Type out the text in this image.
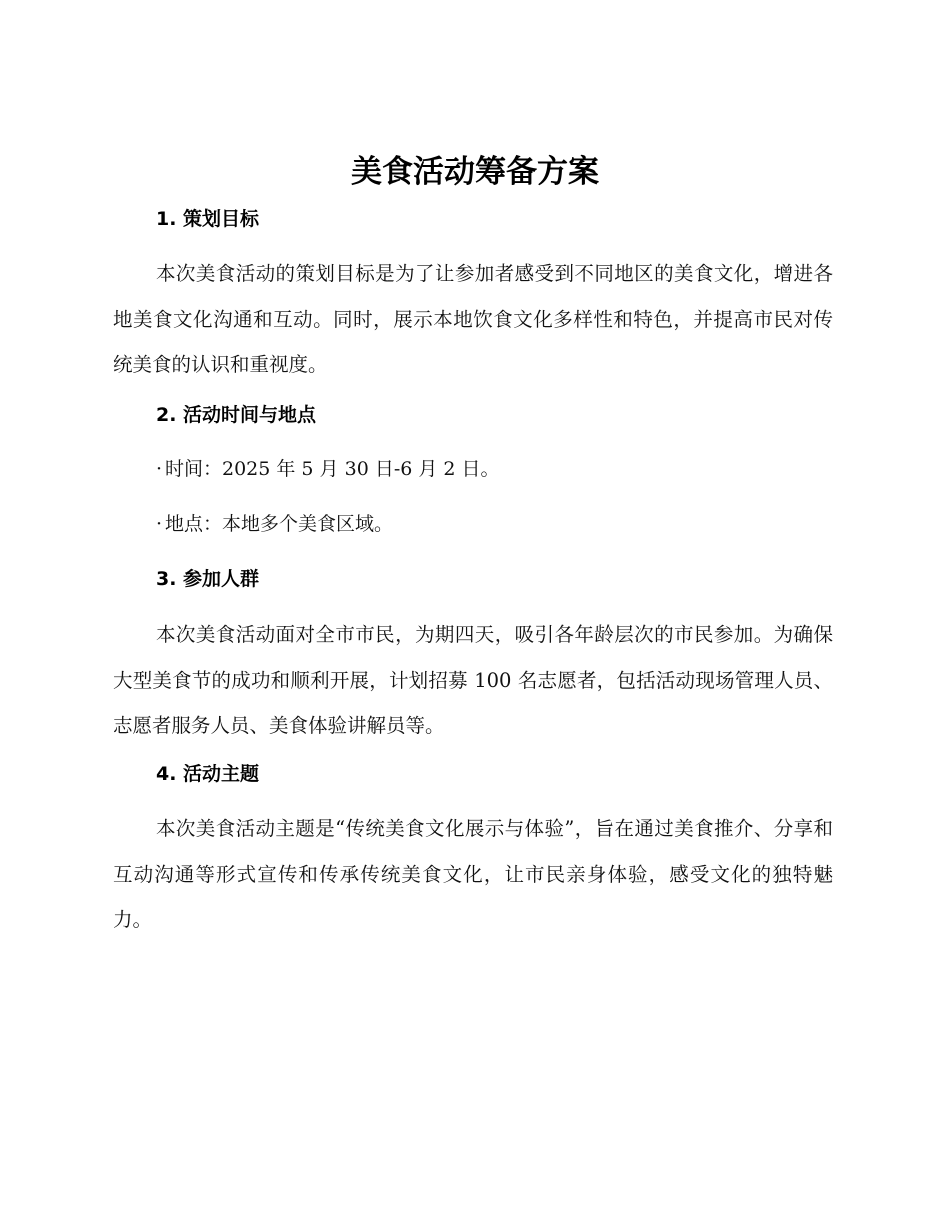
美食活动筹备方案
1. 策划目标

本次美食活动的策划目标是为了让参加者感受到不同地区的美食文化，增进各地美食文化沟通和互动。同时，展示本地饮食文化多样性和特色，并提高市民对传统美食的认识和重视度。

2. 活动时间与地点
· 时间：2025 年 5 月 30 日-6 月 2 日。
· 地点：本地多个美食区域。
3. 参加人群

本次美食活动面对全市市民，为期四天，吸引各年龄层次的市民参加。为确保大型美食节的成功和顺利开展，计划招募 100 名志愿者，包括活动现场管理人员、志愿者服务人员、美食体验讲解员等。

4. 活动主题

本次美食活动主题是“传统美食文化展示与体验”，旨在通过美食推介、分享和互动沟通等形式宣传和传承传统美食文化，让市民亲身体验，感受文化的独特魅力。
